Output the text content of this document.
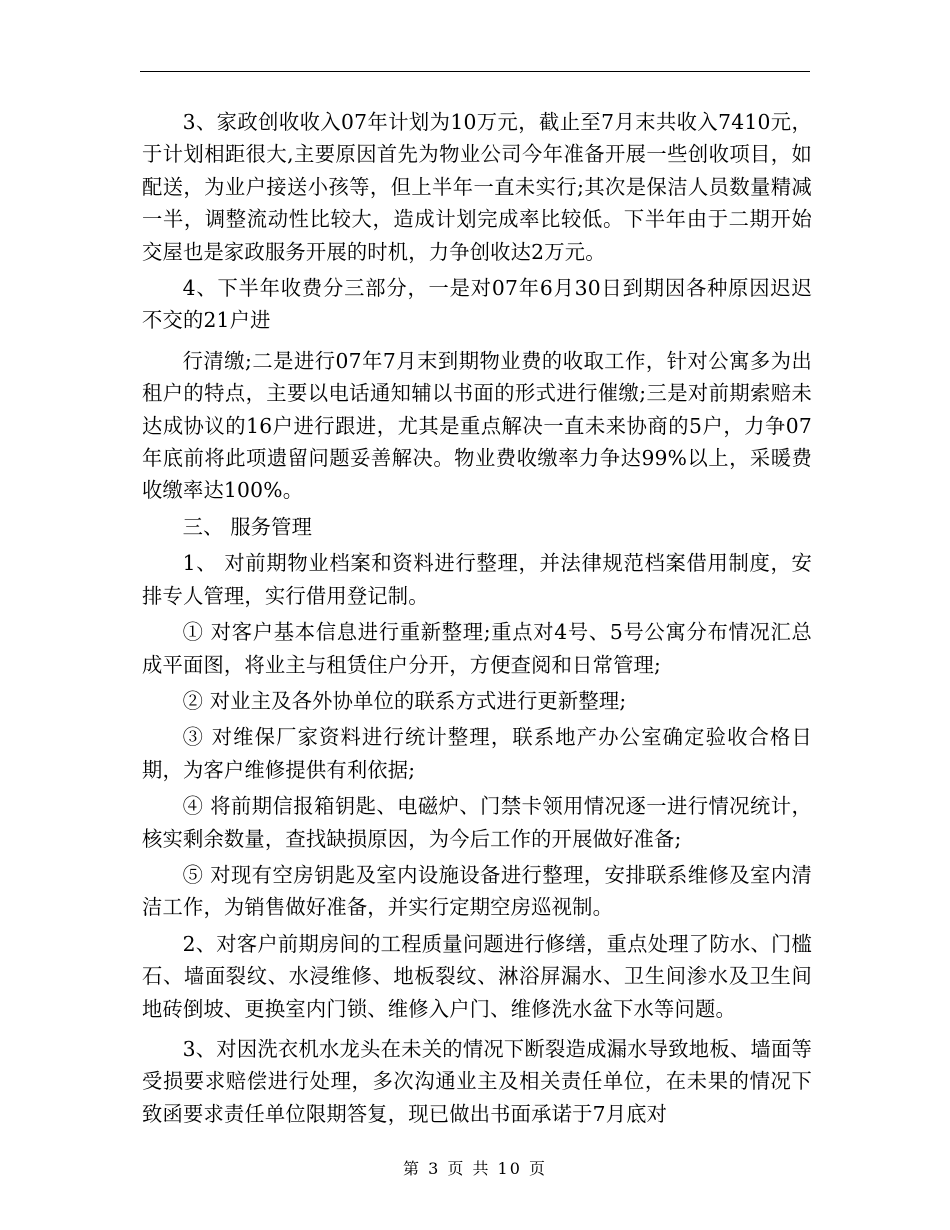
3、家政创收收入07年计划为10万元，截止至7月末共收入7410元，于计划相距很大,主要原因首先为物业公司今年准备开展一些创收项目，如配送，为业户接送小孩等，但上半年一直未实行;其次是保洁人员数量精减一半，调整流动性比较大，造成计划完成率比较低。下半年由于二期开始交屋也是家政服务开展的时机，力争创收达2万元。

4、下半年收费分三部分，一是对07年6月30日到期因各种原因迟迟不交的21户进

行清缴;二是进行07年7月末到期物业费的收取工作，针对公寓多为出租户的特点，主要以电话通知辅以书面的形式进行催缴;三是对前期索赔未达成协议的16户进行跟进，尤其是重点解决一直未来协商的5户，力争07年底前将此项遗留问题妥善解决。物业费收缴率力争达99%以上，采暖费收缴率达100%。

三、 服务管理

1、 对前期物业档案和资料进行整理，并法律规范档案借用制度，安排专人管理，实行借用登记制。

① 对客户基本信息进行重新整理;重点对4号、5号公寓分布情况汇总成平面图，将业主与租赁住户分开，方便查阅和日常管理;

② 对业主及各外协单位的联系方式进行更新整理;

③ 对维保厂家资料进行统计整理，联系地产办公室确定验收合格日期，为客户维修提供有利依据;

④ 将前期信报箱钥匙、电磁炉、门禁卡领用情况逐一进行情况统计，核实剩余数量，查找缺损原因，为今后工作的开展做好准备;

⑤ 对现有空房钥匙及室内设施设备进行整理，安排联系维修及室内清洁工作，为销售做好准备，并实行定期空房巡视制。

2、对客户前期房间的工程质量问题进行修缮，重点处理了防水、门槛石、墙面裂纹、水浸维修、地板裂纹、淋浴屏漏水、卫生间渗水及卫生间地砖倒坡、更换室内门锁、维修入户门、维修洗水盆下水等问题。

3、对因洗衣机水龙头在未关的情况下断裂造成漏水导致地板、墙面等受损要求赔偿进行处理，多次沟通业主及相关责任单位，在未果的情况下致函要求责任单位限期答复，现已做出书面承诺于7月底对

第 3 页 共 10 页
